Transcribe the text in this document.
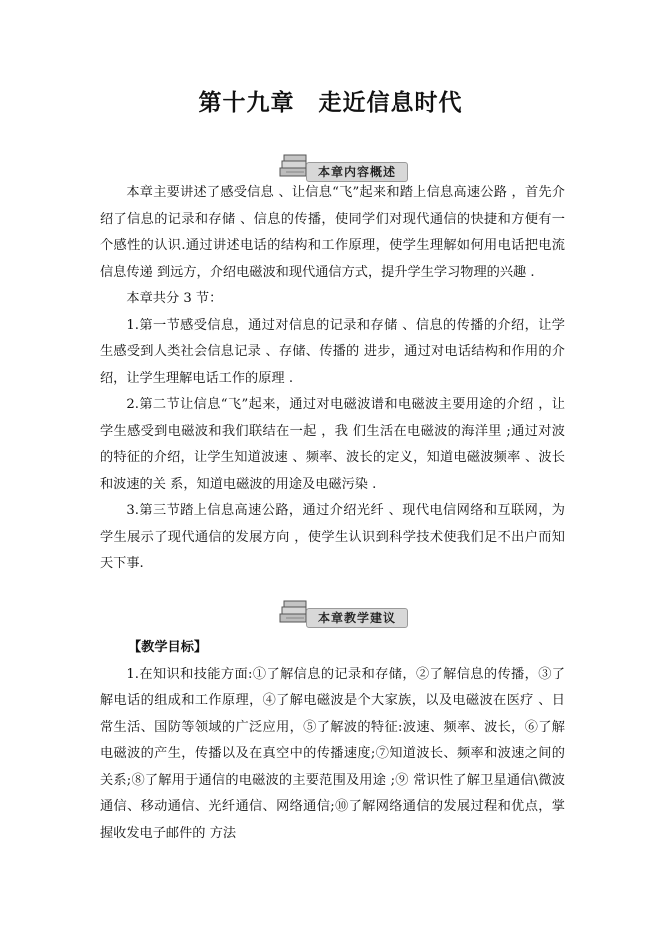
第十九章　走近信息时代
本章内容概述

本章主要讲述了感受信息 、让信息“飞”起来和踏上信息高速公路 ，首先介绍了信息的记录和存储 、信息的传播，使同学们对现代通信的快捷和方便有一个感性的认识.通过讲述电话的结构和工作原理，使学生理解如何用电话把电流信息传递 到远方，介绍电磁波和现代通信方式，提升学生学习物理的兴趣 .

本章共分 3 节：

1.第一节感受信息，通过对信息的记录和存储 、信息的传播的介绍，让学生感受到人类社会信息记录 、存储、传播的 进步，通过对电话结构和作用的介绍，让学生理解电话工作的原理 .

2.第二节让信息“飞”起来，通过对电磁波谱和电磁波主要用途的介绍 ，让学生感受到电磁波和我们联结在一起 ，我 们生活在电磁波的海洋里 ;通过对波的特征的介绍，让学生知道波速 、频率、波长的定义，知道电磁波频率 、波长和波速的关 系，知道电磁波的用途及电磁污染 .

3.第三节踏上信息高速公路，通过介绍光纤 、现代电信网络和互联网，为学生展示了现代通信的发展方向 ，使学生认识到科学技术使我们足不出户而知天下事.

本章教学建议

【教学目标】

1.在知识和技能方面:①了解信息的记录和存储，②了解信息的传播，③了解电话的组成和工作原理，④了解电磁波是个大家族，以及电磁波在医疗 、日常生活、国防等领域的广泛应用，⑤了解波的特征:波速、频率、波长，⑥了解电磁波的产生，传播以及在真空中的传播速度;⑦知道波长、频率和波速之间的关系;⑧了解用于通信的电磁波的主要范围及用途 ;⑨ 常识性了解卫星通信\微波通信、移动通信、光纤通信、网络通信;⑩了解网络通信的发展过程和优点，掌握收发电子邮件的 方法
